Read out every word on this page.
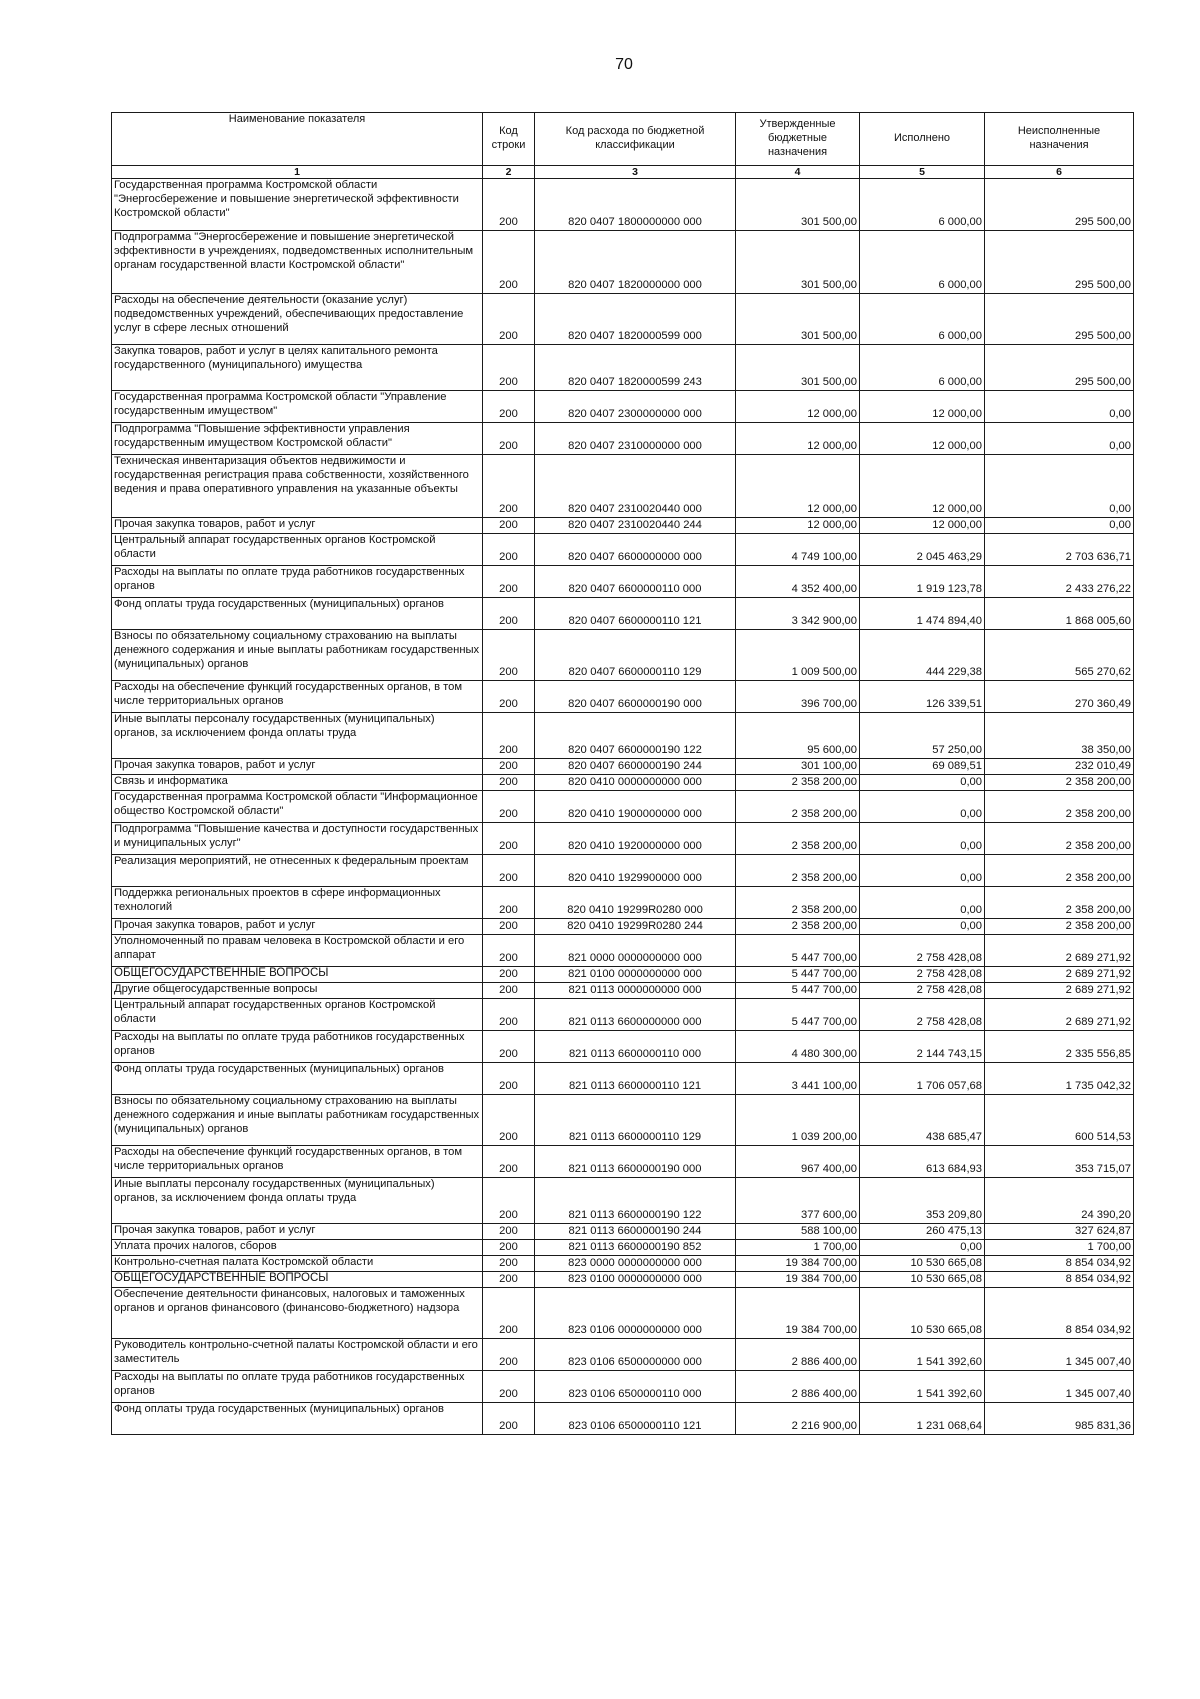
70
Наименование показателя	Код строки	Код расхода по бюджетной классификации	Утвержденные бюджетные назначения	Исполнено	Неисполненные назначения
1	2	3	4	5	6
Государственная программа Костромской области "Энергосбережение и повышение энергетической эффективности Костромской области"	200	820 0407 1800000000 000	301 500,00	6 000,00	295 500,00
Подпрограмма "Энергосбережение и повышение энергетической эффективности в учреждениях, подведомственных исполнительным органам государственной власти Костромской области"	200	820 0407 1820000000 000	301 500,00	6 000,00	295 500,00
Расходы на обеспечение деятельности (оказание услуг) подведомственных учреждений, обеспечивающих предоставление услуг в сфере лесных отношений	200	820 0407 1820000599 000	301 500,00	6 000,00	295 500,00
Закупка товаров, работ и услуг в целях капитального ремонта государственного (муниципального) имущества	200	820 0407 1820000599 243	301 500,00	6 000,00	295 500,00
Государственная программа Костромской области "Управление государственным имуществом"	200	820 0407 2300000000 000	12 000,00	12 000,00	0,00
Подпрограмма "Повышение эффективности управления государственным имуществом Костромской области"	200	820 0407 2310000000 000	12 000,00	12 000,00	0,00
Техническая инвентаризация объектов недвижимости и государственная регистрация права собственности, хозяйственного ведения и права оперативного управления на указанные объекты	200	820 0407 2310020440 000	12 000,00	12 000,00	0,00
Прочая закупка товаров, работ и услуг	200	820 0407 2310020440 244	12 000,00	12 000,00	0,00
Центральный аппарат государственных органов Костромской области	200	820 0407 6600000000 000	4 749 100,00	2 045 463,29	2 703 636,71
Расходы на выплаты по оплате труда работников государственных органов	200	820 0407 6600000110 000	4 352 400,00	1 919 123,78	2 433 276,22
Фонд оплаты труда государственных (муниципальных) органов	200	820 0407 6600000110 121	3 342 900,00	1 474 894,40	1 868 005,60
Взносы по обязательному социальному страхованию на выплаты денежного содержания и иные выплаты работникам государственных (муниципальных) органов	200	820 0407 6600000110 129	1 009 500,00	444 229,38	565 270,62
Расходы на обеспечение функций государственных органов, в том числе территориальных органов	200	820 0407 6600000190 000	396 700,00	126 339,51	270 360,49
Иные выплаты персоналу государственных (муниципальных) органов, за исключением фонда оплаты труда	200	820 0407 6600000190 122	95 600,00	57 250,00	38 350,00
Прочая закупка товаров, работ и услуг	200	820 0407 6600000190 244	301 100,00	69 089,51	232 010,49
Связь и информатика	200	820 0410 0000000000 000	2 358 200,00	0,00	2 358 200,00
Государственная программа Костромской области "Информационное общество Костромской области"	200	820 0410 1900000000 000	2 358 200,00	0,00	2 358 200,00
Подпрограмма "Повышение качества и доступности государственных и муниципальных услуг"	200	820 0410 1920000000 000	2 358 200,00	0,00	2 358 200,00
Реализация мероприятий, не отнесенных к федеральным проектам	200	820 0410 1929900000 000	2 358 200,00	0,00	2 358 200,00
Поддержка региональных проектов в сфере информационных технологий	200	820 0410 19299R0280 000	2 358 200,00	0,00	2 358 200,00
Прочая закупка товаров, работ и услуг	200	820 0410 19299R0280 244	2 358 200,00	0,00	2 358 200,00
Уполномоченный по правам человека в Костромской области и его аппарат	200	821 0000 0000000000 000	5 447 700,00	2 758 428,08	2 689 271,92
ОБЩЕГОСУДАРСТВЕННЫЕ ВОПРОСЫ	200	821 0100 0000000000 000	5 447 700,00	2 758 428,08	2 689 271,92
Другие общегосударственные вопросы	200	821 0113 0000000000 000	5 447 700,00	2 758 428,08	2 689 271,92
Центральный аппарат государственных органов Костромской области	200	821 0113 6600000000 000	5 447 700,00	2 758 428,08	2 689 271,92
Расходы на выплаты по оплате труда работников государственных органов	200	821 0113 6600000110 000	4 480 300,00	2 144 743,15	2 335 556,85
Фонд оплаты труда государственных (муниципальных) органов	200	821 0113 6600000110 121	3 441 100,00	1 706 057,68	1 735 042,32
Взносы по обязательному социальному страхованию на выплаты денежного содержания и иные выплаты работникам государственных (муниципальных) органов	200	821 0113 6600000110 129	1 039 200,00	438 685,47	600 514,53
Расходы на обеспечение функций государственных органов, в том числе территориальных органов	200	821 0113 6600000190 000	967 400,00	613 684,93	353 715,07
Иные выплаты персоналу государственных (муниципальных) органов, за исключением фонда оплаты труда	200	821 0113 6600000190 122	377 600,00	353 209,80	24 390,20
Прочая закупка товаров, работ и услуг	200	821 0113 6600000190 244	588 100,00	260 475,13	327 624,87
Уплата прочих налогов, сборов	200	821 0113 6600000190 852	1 700,00	0,00	1 700,00
Контрольно-счетная палата Костромской области	200	823 0000 0000000000 000	19 384 700,00	10 530 665,08	8 854 034,92
ОБЩЕГОСУДАРСТВЕННЫЕ ВОПРОСЫ	200	823 0100 0000000000 000	19 384 700,00	10 530 665,08	8 854 034,92
Обеспечение деятельности финансовых, налоговых и таможенных органов и органов финансового (финансово-бюджетного) надзора	200	823 0106 0000000000 000	19 384 700,00	10 530 665,08	8 854 034,92
Руководитель контрольно-счетной палаты Костромской области и его заместитель	200	823 0106 6500000000 000	2 886 400,00	1 541 392,60	1 345 007,40
Расходы на выплаты по оплате труда работников государственных органов	200	823 0106 6500000110 000	2 886 400,00	1 541 392,60	1 345 007,40
Фонд оплаты труда государственных (муниципальных) органов	200	823 0106 6500000110 121	2 216 900,00	1 231 068,64	985 831,36
